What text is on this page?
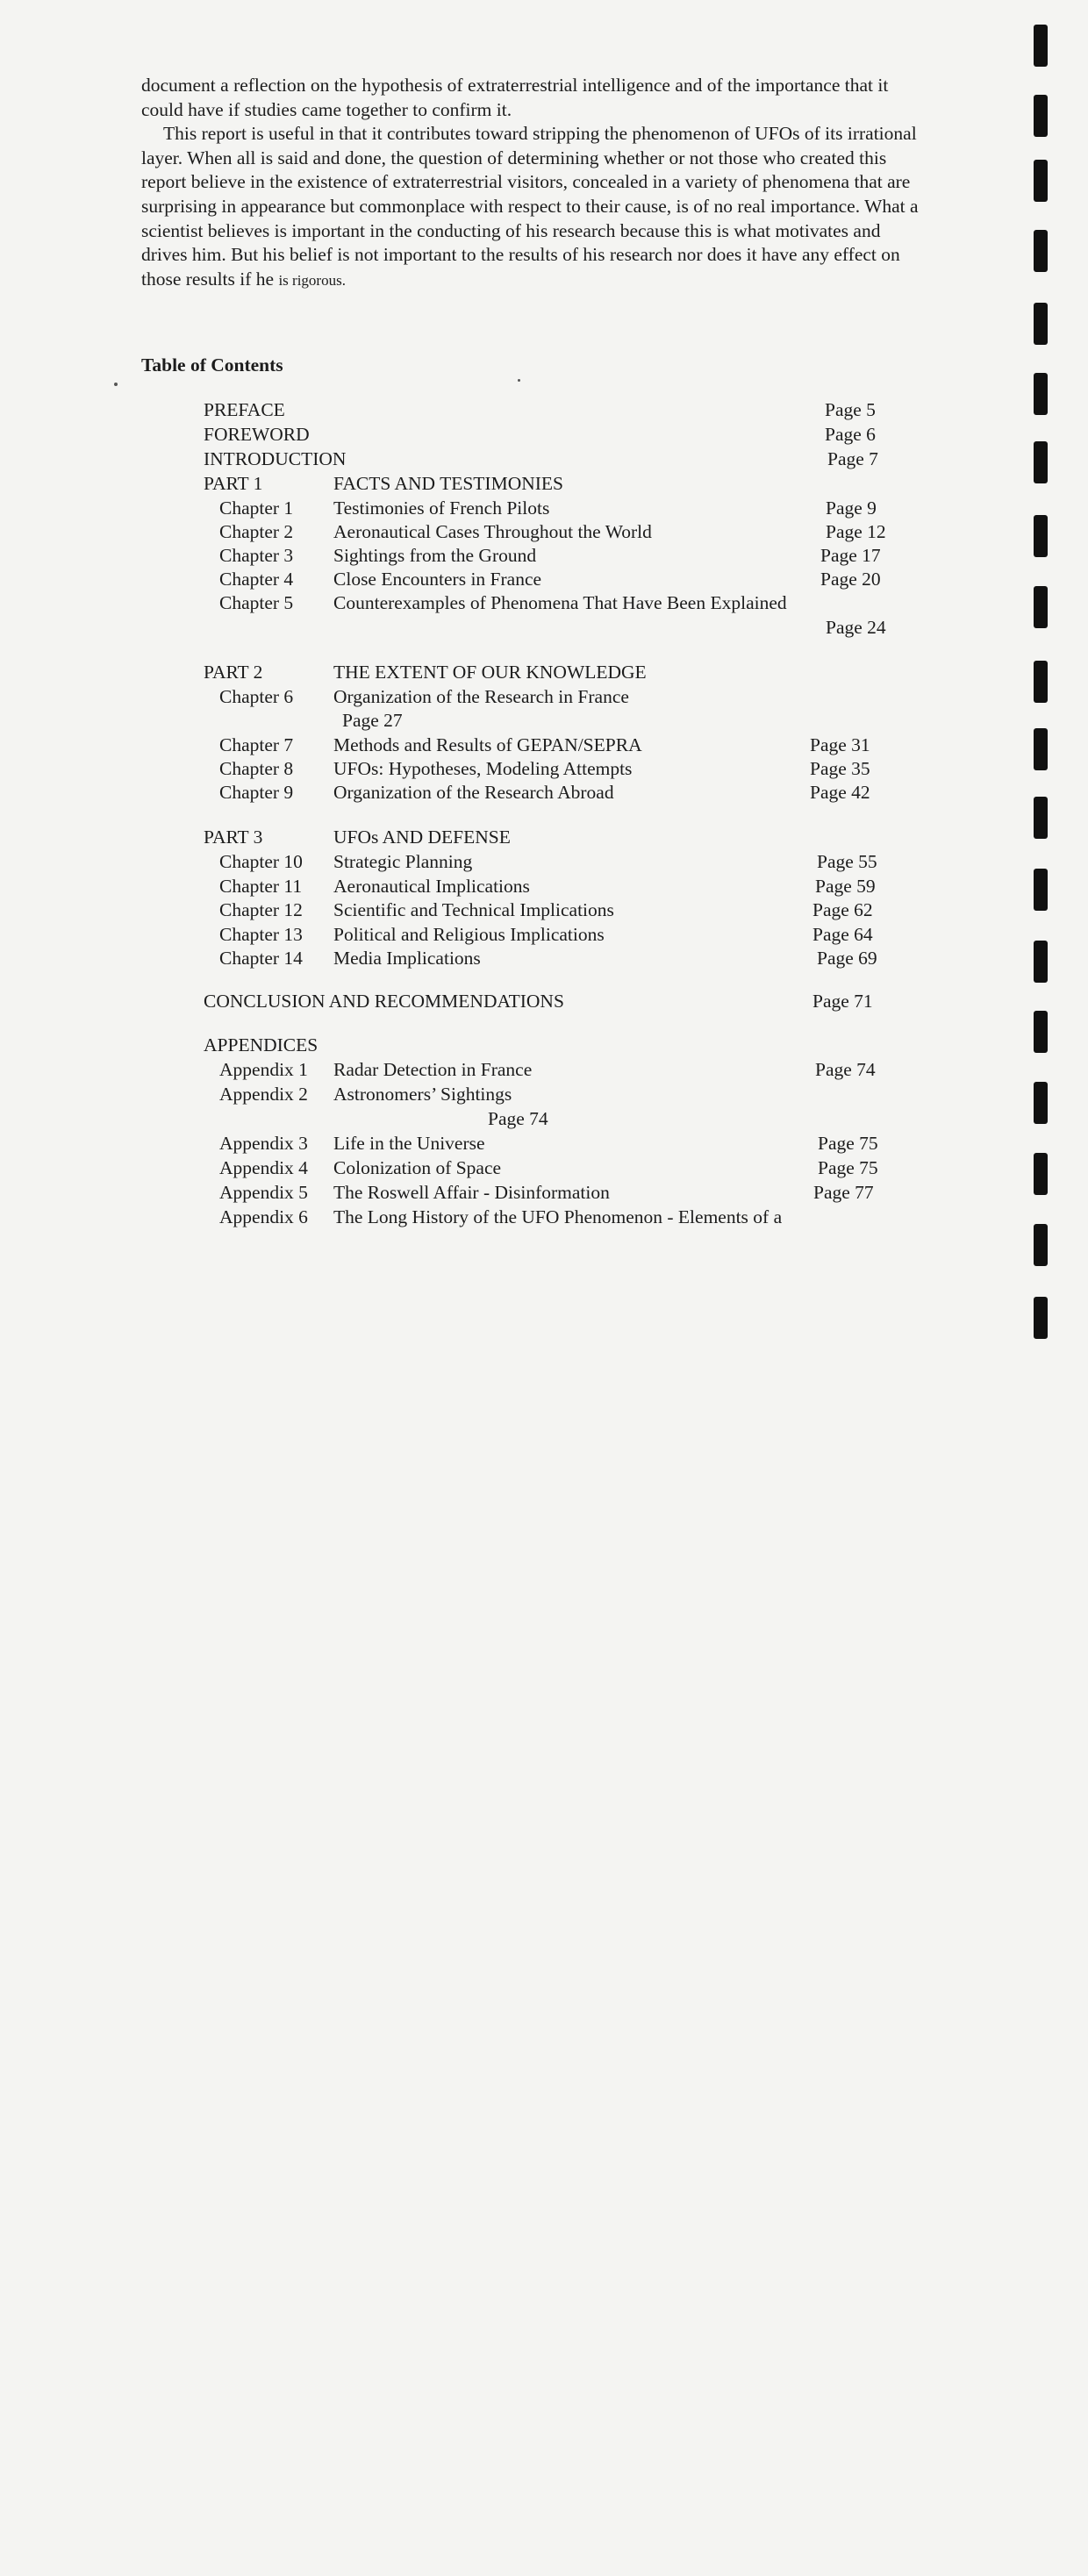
document a reflection on the hypothesis of extraterrestrial intelligence and of the importance that it could have if studies came together to confirm it.

This report is useful in that it contributes toward stripping the phenomenon of UFOs of its irrational layer. When all is said and done, the question of determining whether or not those who created this report believe in the existence of extraterrestrial visitors, concealed in a variety of phenomena that are surprising in appearance but commonplace with respect to their cause, is of no real importance. What a scientist believes is important in the conducting of his research because this is what motivates and drives him. But his belief is not important to the results of his research nor does it have any effect on those results if he is rigorous.

Table of Contents
PREFACE	Page 5
FOREWORD	Page 6
INTRODUCTION	Page 7
PART 1	FACTS AND TESTIMONIES
Chapter 1 Testimonies of French Pilots	Page 9
Chapter 2 Aeronautical Cases Throughout the World	Page 12
Chapter 3 Sightings from the Ground	Page 17
Chapter 4 Close Encounters in France	Page 20
Chapter 5 Counterexamples of Phenomena That Have Been Explained
Page 24
PART 2	THE EXTENT OF OUR KNOWLEDGE
Chapter 6 Organization of the Research in France
Page 27
Chapter 7 Methods and Results of GEPAN/SEPRA	Page 31
Chapter 8 UFOs: Hypotheses, Modeling Attempts	Page 35
Chapter 9 Organization of the Research Abroad	Page 42
PART 3	UFOs AND DEFENSE
Chapter 10 Strategic Planning	Page 55
Chapter 11 Aeronautical Implications	Page 59
Chapter 12 Scientific and Technical Implications	Page 62
Chapter 13 Political and Religious Implications	Page 64
Chapter 14 Media Implications	Page 69
CONCLUSION AND RECOMMENDATIONS	Page 71
APPENDICES
Appendix 1 Radar Detection in France	Page 74
Appendix 2 Astronomers’ Sightings
Page 74
Appendix 3 Life in the Universe	Page 75
Appendix 4 Colonization of Space	Page 75
Appendix 5 The Roswell Affair - Disinformation	Page 77
Appendix 6 The Long History of the UFO Phenomenon - Elements of a
